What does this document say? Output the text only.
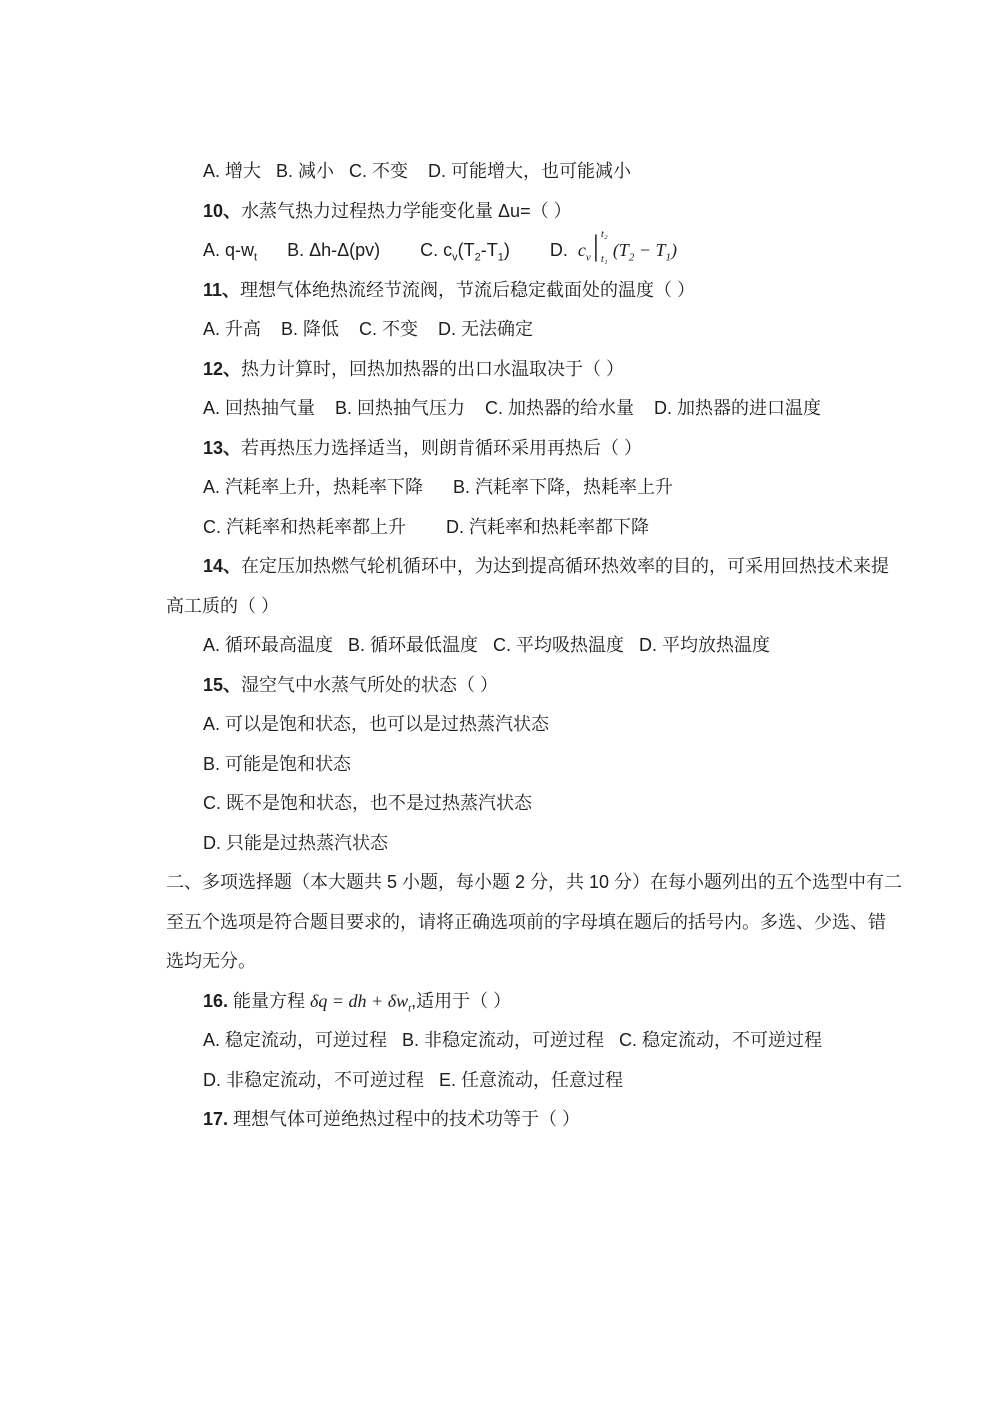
A. 增大   B. 减小   C. 不变    D. 可能增大，也可能减小
10、水蒸气热力过程热力学能变化量 Δu=（ ）
A. $q-w_t$      B. Δh-Δ(pv)        C. $c_v(T_2-T_1)$        D.  $c_v$ | t₂
t₁ $(T_2 - T_1)$
11、理想气体绝热流经节流阀，节流后稳定截面处的温度（ ）
A. 升高    B. 降低    C. 不变    D. 无法确定
12、热力计算时，回热加热器的出口水温取决于（ ）
A. 回热抽气量    B. 回热抽气压力    C. 加热器的给水量    D. 加热器的进口温度
13、若再热压力选择适当，则朗肯循环采用再热后（ ）
A. 汽耗率上升，热耗率下降      B. 汽耗率下降，热耗率上升
C. 汽耗率和热耗率都上升        D. 汽耗率和热耗率都下降
14、在定压加热燃气轮机循环中，为达到提高循环热效率的目的，可采用回热技术来提
高工质的（ ）
A. 循环最高温度   B. 循环最低温度   C. 平均吸热温度   D. 平均放热温度
15、湿空气中水蒸气所处的状态（ ）
A. 可以是饱和状态，也可以是过热蒸汽状态
B. 可能是饱和状态
C. 既不是饱和状态，也不是过热蒸汽状态
D. 只能是过热蒸汽状态
二、多项选择题（本大题共 5 小题，每小题 2 分，共 10 分）在每小题列出的五个选型中有二
至五个选项是符合题目要求的，请将正确选项前的字母填在题后的括号内。多选、少选、错
选均无分。
16. 能量方程 δq = dh + $\delta w_t$,适用于（ ）
A. 稳定流动，可逆过程   B. 非稳定流动，可逆过程   C. 稳定流动，不可逆过程
D. 非稳定流动，不可逆过程   E. 任意流动，任意过程
17. 理想气体可逆绝热过程中的技术功等于（ ）
